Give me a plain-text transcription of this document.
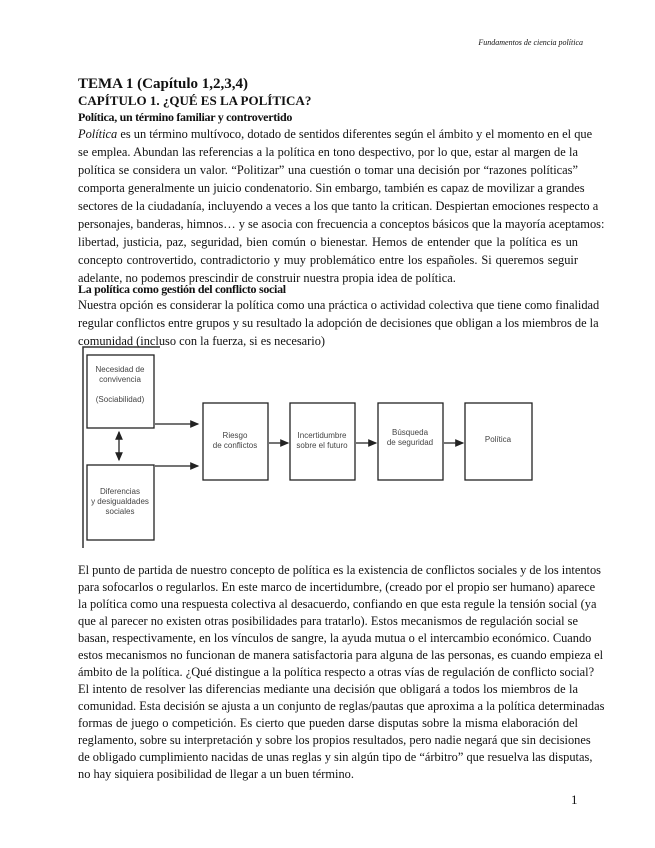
Fundamentos de ciencia política
TEMA 1 (Capítulo 1,2,3,4)
CAPÍTULO 1. ¿QUÉ ES LA POLÍTICA?
Política, un término familiar y controvertido
Política es un término multívoco, dotado de sentidos diferentes según el ámbito y el momento en el que
se emplea. Abundan las referencias a la política en tono despectivo, por lo que, estar al margen de la
política se considera un valor. “Politizar” una cuestión o tomar una decisión por “razones políticas”
comporta generalmente un juicio condenatorio. Sin embargo, también es capaz de movilizar a grandes
sectores de la ciudadanía, incluyendo a veces a los que tanto la critican. Despiertan emociones respecto a
personajes, banderas, himnos… y se asocia con frecuencia a conceptos básicos que la mayoría aceptamos:
libertad, justicia, paz, seguridad, bien común o bienestar. Hemos de entender que la política es un
concepto controvertido, contradictorio y muy problemático entre los españoles. Si queremos seguir
adelante, no podemos prescindir de construir nuestra propia idea de política.
La política como gestión del conflicto social
Nuestra opción es considerar la política como una práctica o actividad colectiva que tiene como finalidad
regular conflictos entre grupos y su resultado la adopción de decisiones que obligan a los miembros de la
comunidad (incluso con la fuerza, si es necesario)
Necesidad de
convivencia
(Sociabilidad)
Diferencias
y desigualdades
sociales
Riesgo
de conflictos
Incertidumbre
sobre el futuro
Búsqueda
de seguridad	Política
El punto de partida de nuestro concepto de política es la existencia de conflictos sociales y de los intentos
para sofocarlos o regularlos. En este marco de incertidumbre, (creado por el propio ser humano) aparece
la política como una respuesta colectiva al desacuerdo, confiando en que esta regule la tensión social (ya
que al parecer no existen otras posibilidades para tratarlo). Estos mecanismos de regulación social se
basan, respectivamente, en los vínculos de sangre, la ayuda mutua o el intercambio económico. Cuando
estos mecanismos no funcionan de manera satisfactoria para alguna de las personas, es cuando empieza el
ámbito de la política. ¿Qué distingue a la política respecto a otras vías de regulación de conflicto social?
El intento de resolver las diferencias mediante una decisión que obligará a todos los miembros de la
comunidad. Esta decisión se ajusta a un conjunto de reglas/pautas que aproxima a la política determinadas
formas de juego o competición. Es cierto que pueden darse disputas sobre la misma elaboración del
reglamento, sobre su interpretación y sobre los propios resultados, pero nadie negará que sin decisiones
de obligado cumplimiento nacidas de unas reglas y sin algún tipo de “árbitro” que resuelva las disputas,
no hay siquiera posibilidad de llegar a un buen término.
1
